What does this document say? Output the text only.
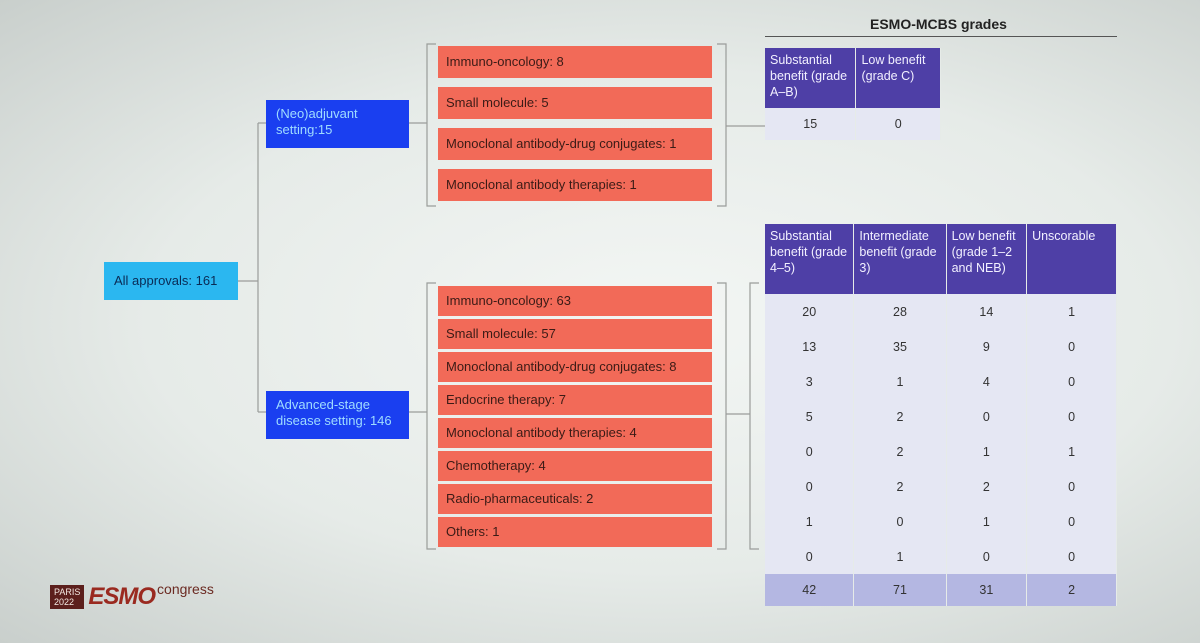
All approvals: 161
(Neo)adjuvant setting:15
Advanced-stage disease setting: 146
Immuno-oncology: 8
Small molecule: 5
Monoclonal antibody-drug conjugates: 1
Monoclonal antibody therapies: 1
Immuno-oncology: 63
Small molecule: 57
Monoclonal antibody-drug conjugates: 8
Endocrine therapy: 7
Monoclonal antibody therapies: 4
Chemotherapy: 4
Radio-pharmaceuticals: 2
Others: 1
ESMO-MCBS grades
Substantial benefit (grade A–B)	Low benefit (grade C)
15	0
Substantial benefit (grade 4–5)	Intermediate benefit (grade 3)	Low benefit (grade 1–2 and NEB)	Unscorable
20	28	14	1
13	35	9	0
3	1	4	0
5	2	0	0
0	2	1	1
0	2	2	0
1	0	1	0
0	1	0	0
42	71	31	2
PARIS
2022 ESMO congress
